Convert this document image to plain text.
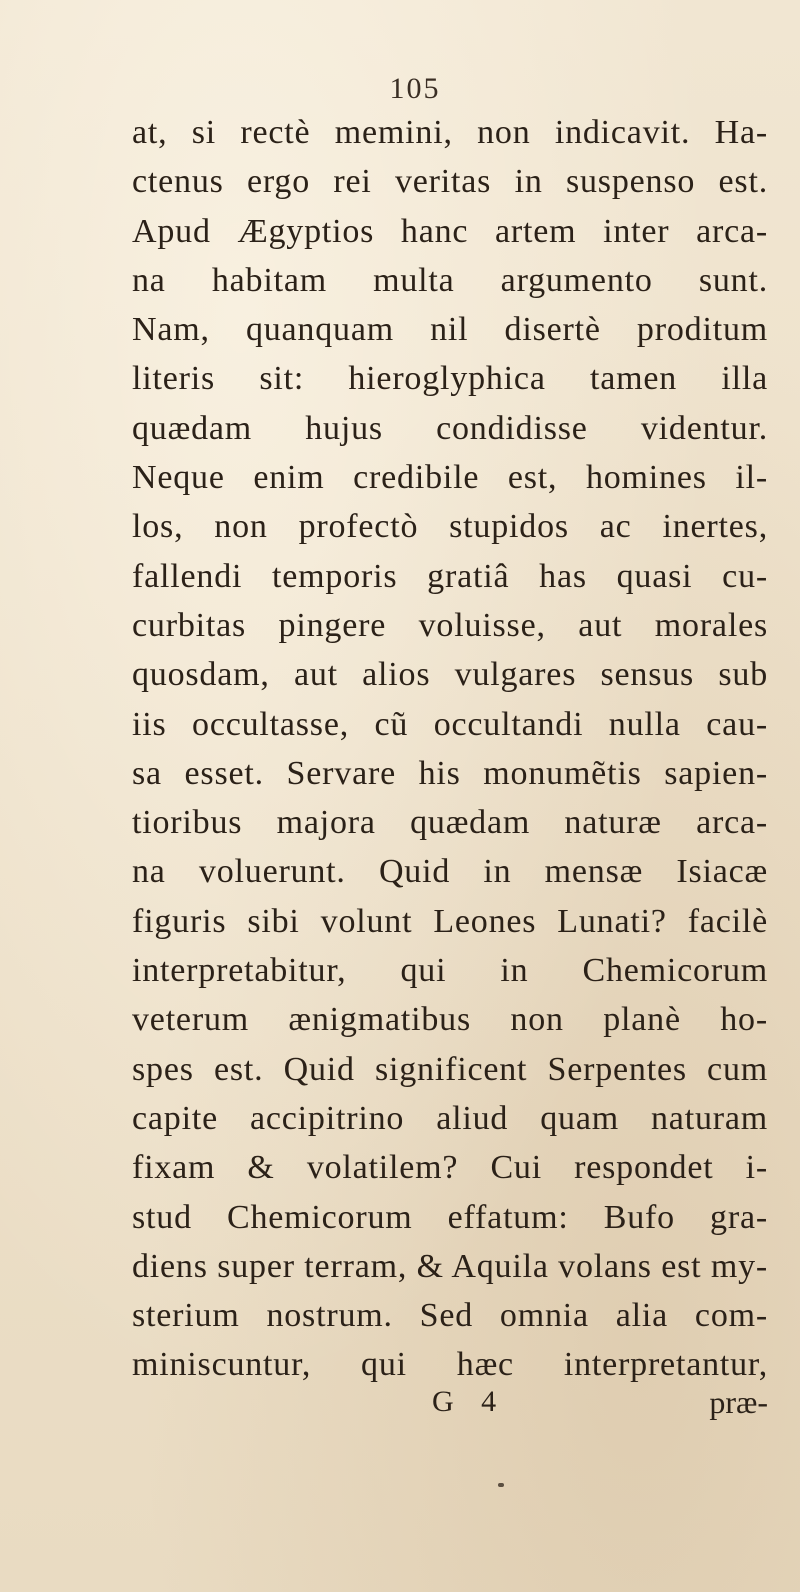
105
at, si rectè memini, non indicavit. Ha-
ctenus ergo rei veritas in suspenso est.
Apud Ægyptios hanc artem inter arca-
na habitam multa argumento sunt.
Nam, quanquam nil disertè proditum
literis sit: hieroglyphica tamen illa
quædam hujus condidisse videntur.
Neque enim credibile est, homines il-
los, non profectò stupidos ac inertes,
fallendi temporis gratiâ has quasi cu-
curbitas pingere voluisse, aut morales
quosdam, aut alios vulgares sensus sub
iis occultasse, cũ occultandi nulla cau-
sa esset. Servare his monumẽtis sapien-
tioribus majora quædam naturæ arca-
na voluerunt. Quid in mensæ Isiacæ
figuris sibi volunt Leones Lunati? facilè
interpretabitur, qui in Chemicorum
veterum ænigmatibus non planè ho-
spes est. Quid significent Serpentes cum
capite accipitrino aliud quam naturam
fixam & volatilem? Cui respondet i-
stud Chemicorum effatum: Bufo gra-
diens super terram, & Aquila volans est my-
sterium nostrum. Sed omnia alia com-
miniscuntur, qui hæc interpretantur,
G 4	præ-
